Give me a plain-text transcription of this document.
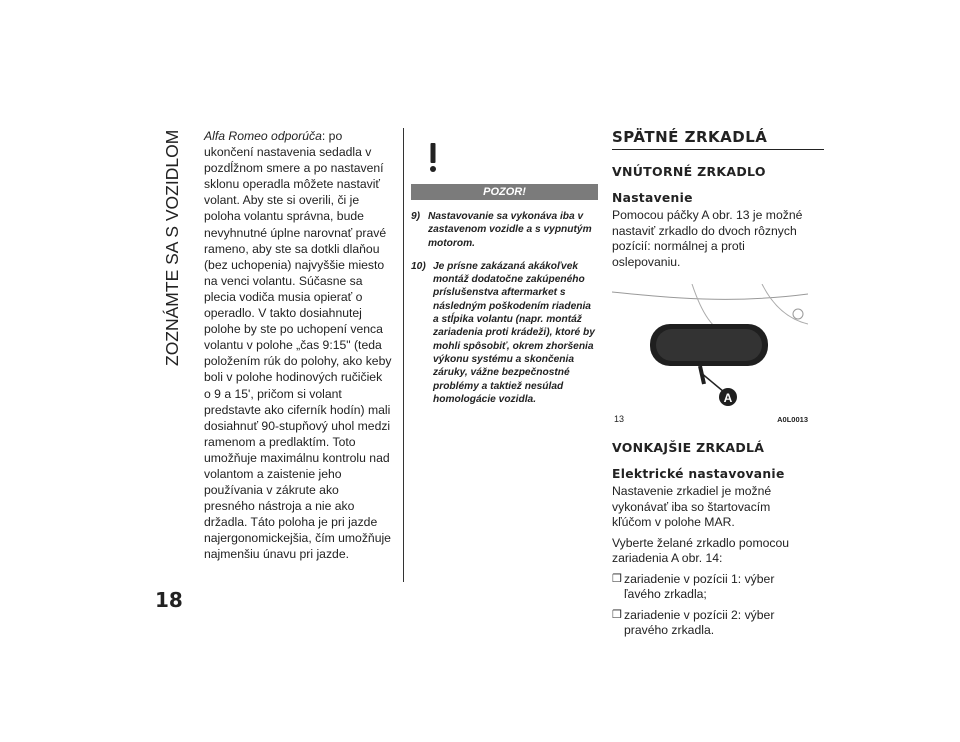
ZOZNÁMTE SA S VOZIDLOM
18

Alfa Romeo odporúča: po ukončení nastavenia sedadla v pozdĺžnom smere a po nastavení sklonu operadla môžete nastaviť volant. Aby ste si overili, či je poloha volantu správna, bude nevyhnutné úplne narovnať pravé rameno, aby ste sa dotkli dlaňou (bez uchopenia) najvyššie miesto na venci volantu. Súčasne sa plecia vodiča musia opierať o operadlo. V takto dosiahnutej polohe by ste po uchopení venca volantu v polohe „čas 9:15" (teda položením rúk do polohy, ako keby boli v polohe hodinových ručičiek o 9 a 15', pričom si volant predstavte ako ciferník hodín) mali dosiahnuť 90-stupňový uhol medzi ramenom a predlaktím. Toto umožňuje maximálnu kontrolu nad volantom a zaistenie jeho používania v zákrute ako presného nástroja a nie ako držadla. Táto poloha je pri jazde najergonomickejšia, čím umožňuje najmenšiu únavu pri jazde.

POZOR!
9) Nastavovanie sa vykonáva iba v zastavenom vozidle a s vypnutým motorom.
10) Je prísne zakázaná akákoľvek montáž dodatočne zakúpeného príslušenstva aftermarket s následným poškodením riadenia a stĺpika volantu (napr. montáž zariadenia proti krádeži), ktoré by mohli spôsobiť, okrem zhoršenia výkonu systému a skončenia záruky, vážne bezpečnostné problémy a taktiež nesúlad homologácie vozidla.
SPÄTNÉ ZRKADLÁ
VNÚTORNÉ ZRKADLO
Nastavenie

Pomocou páčky A obr. 13 je možné nastaviť zrkadlo do dvoch rôznych pozícií: normálnej a proti oslepovaniu.

A
13	A0L0013
VONKAJŠIE ZRKADLÁ
Elektrické nastavovanie

Nastavenie zrkadiel je možné vykonávať iba so štartovacím kľúčom v polohe MAR.

Vyberte želané zrkadlo pomocou zariadenia A obr. 14:

❒ zariadenie v pozícii 1: výber ľavého zrkadla;
❒ zariadenie v pozícii 2: výber pravého zrkadla.
